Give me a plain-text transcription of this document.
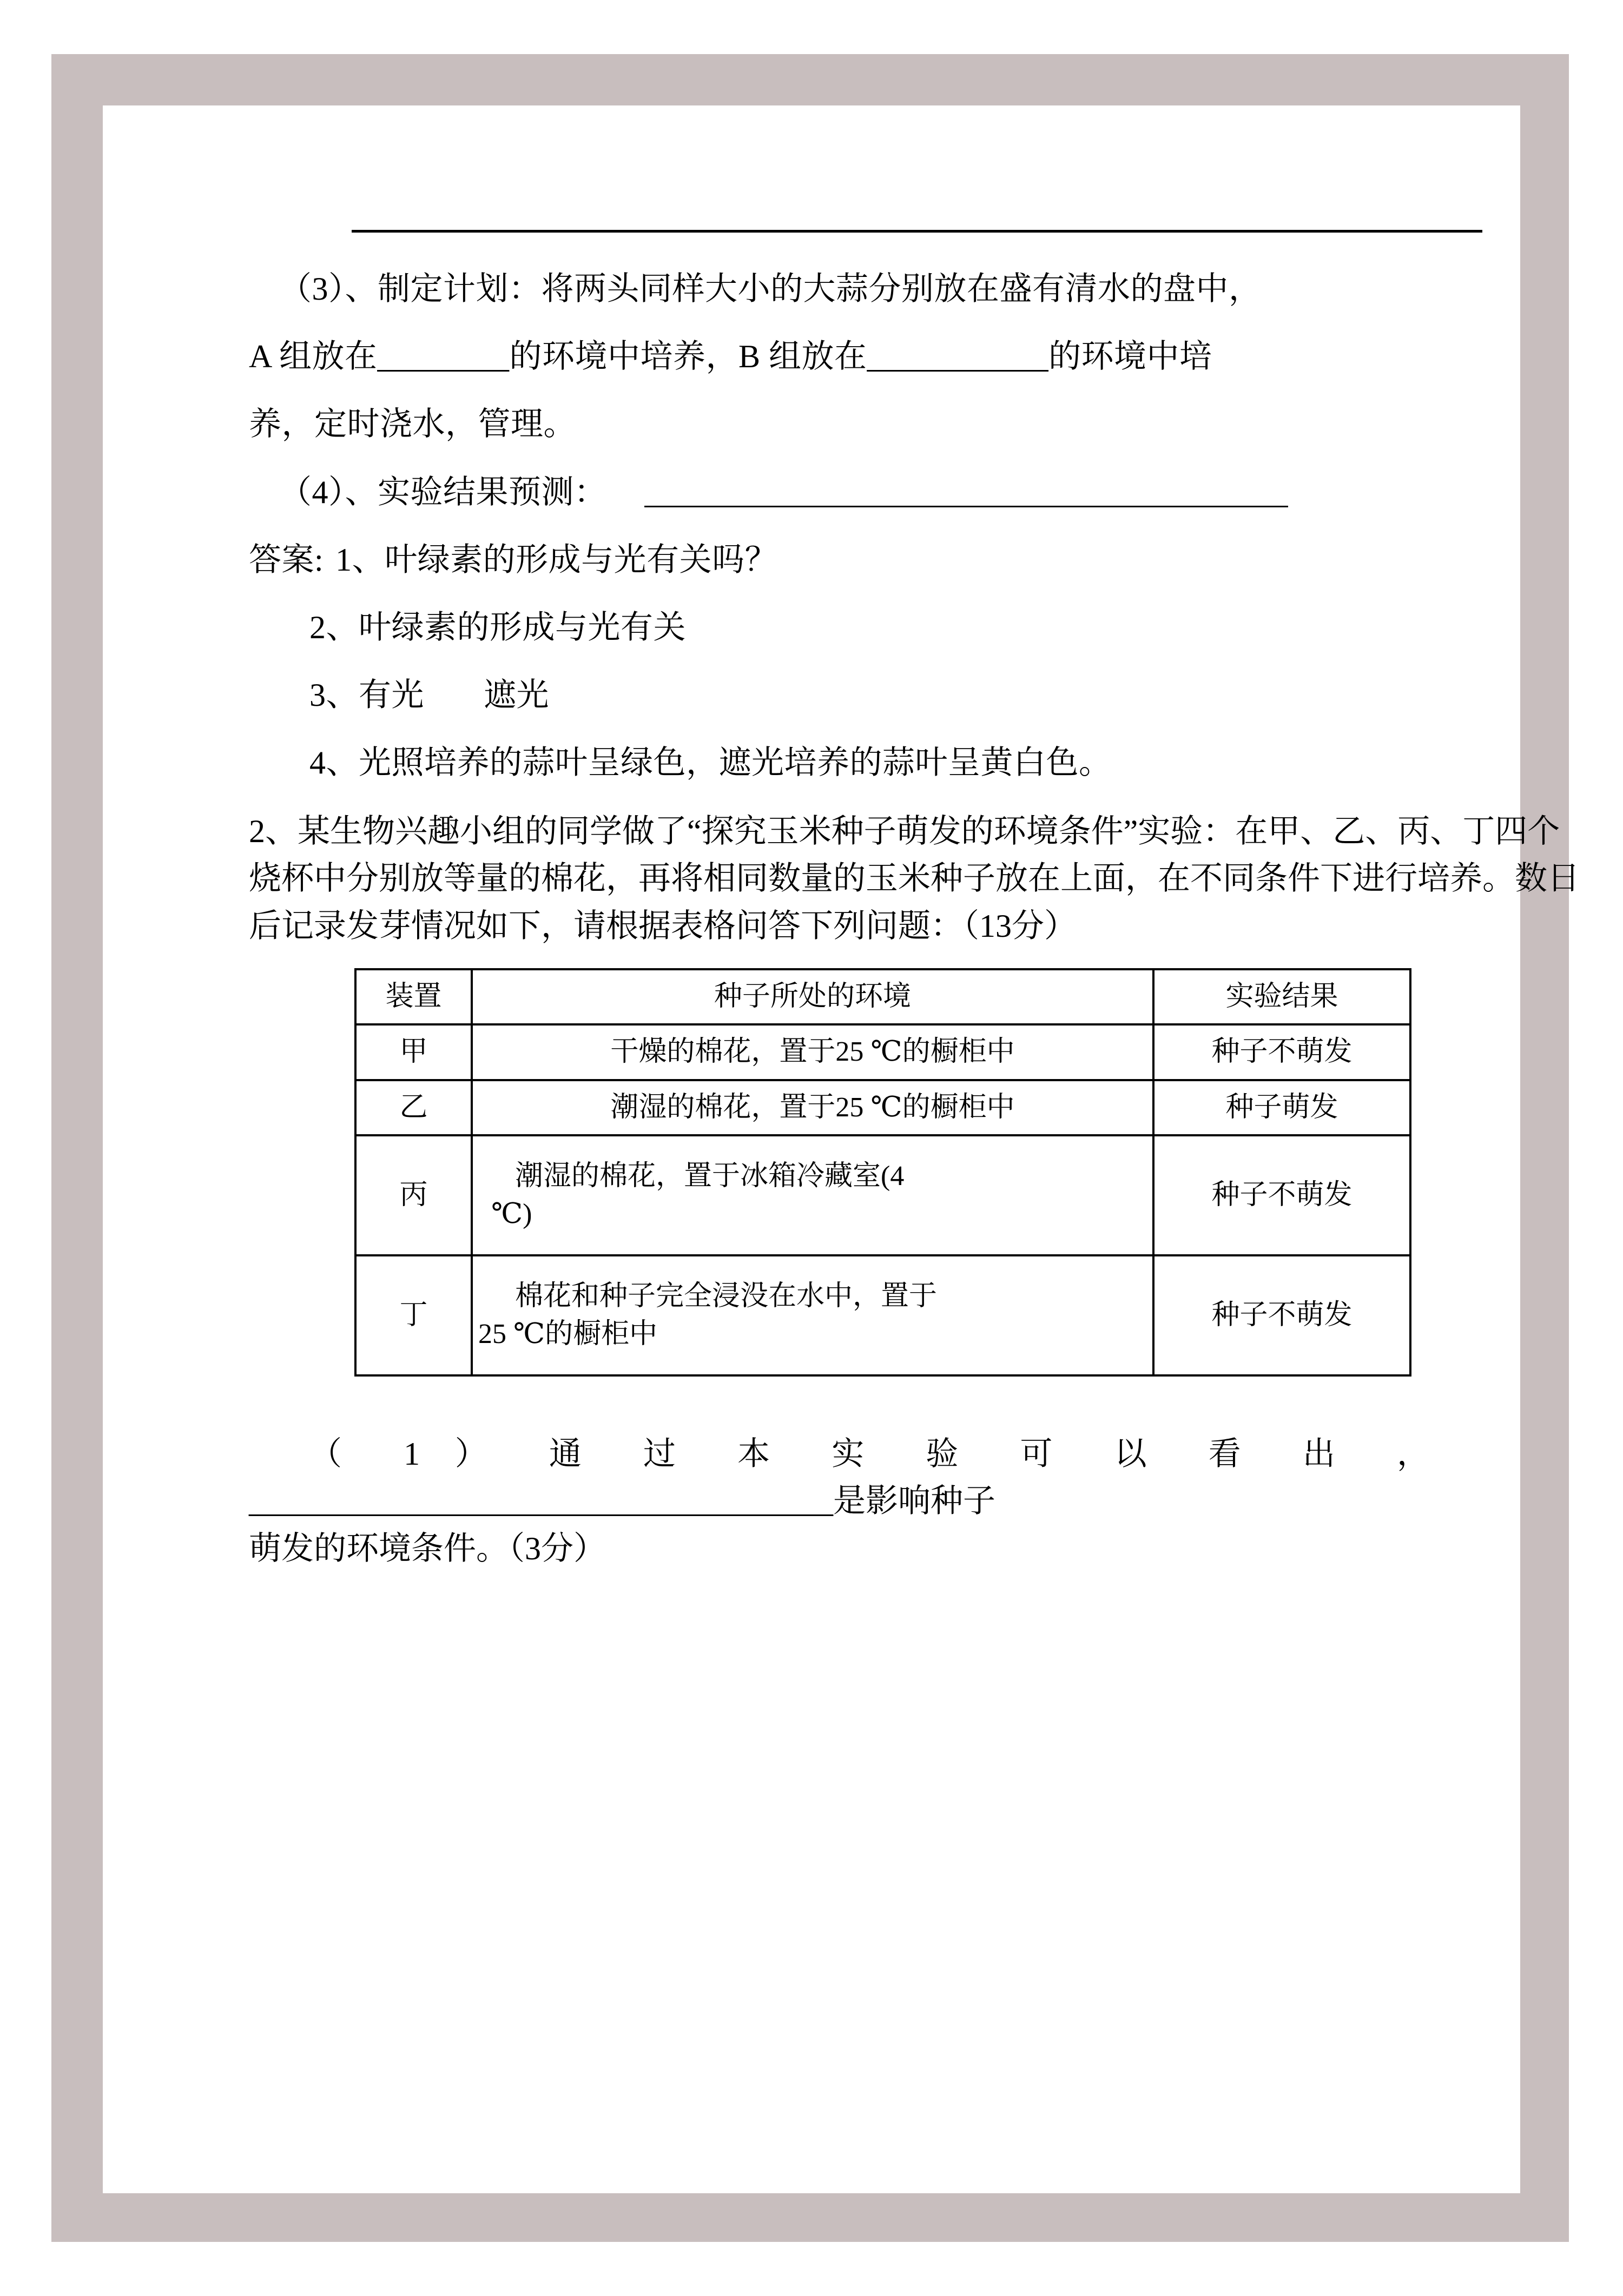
（3）、制定计划：将两头同样大小的大蒜分别放在盛有清水的盘中，

A 组放在________的环境中培养，B 组放在___________的环境中培

养，定时浇水，管理。

（4）、实验结果预测： _______________________________________

答案: 1、叶绿素的形成与光有关吗？

2、叶绿素的形成与光有关

3、有光 遮光

4、光照培养的蒜叶呈绿色，遮光培养的蒜叶呈黄白色。

2、某生物兴趣小组的同学做了“探究玉米种子萌发的环境条件”实验：在甲、乙、丙、丁四个烧杯中分别放等量的棉花，再将相同数量的玉米种子放在上面，在不同条件下进行培养。数日后记录发芽情况如下，请根据表格问答下列问题：（13分）

装置	种子所处的环境	实验结果
甲	干燥的棉花，置于25 ℃的橱柜中	种子不萌发
乙	潮湿的棉花，置于25 ℃的橱柜中	种子萌发
丙	潮湿的棉花，置于冰箱冷藏室(4
℃)	种子不萌发
丁	棉花和种子完全浸没在水中，置于
25 ℃的橱柜中	种子不萌发

（ 1 ） 通 过 本 实 验 可 以 看 出 ，

____________________________________是影响种子

萌发的环境条件。（3分）
